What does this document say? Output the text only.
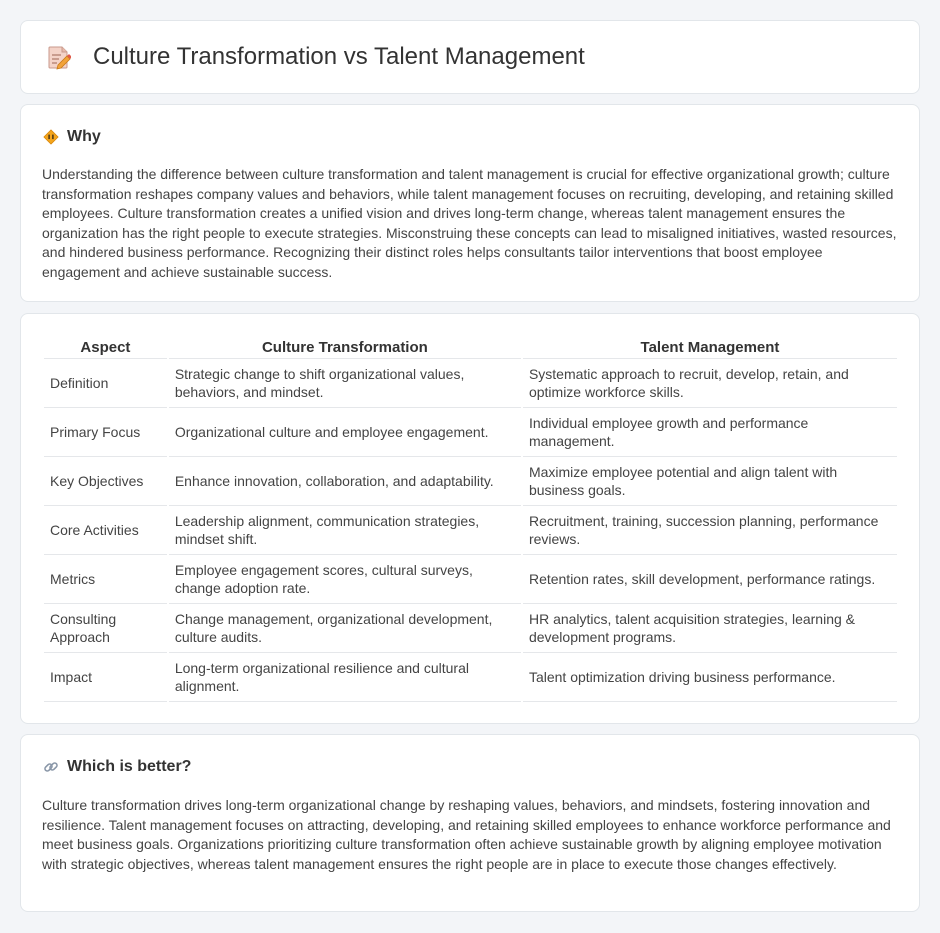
Culture Transformation vs Talent Management
Why

Understanding the difference between culture transformation and talent management is crucial for effective organizational growth; culture transformation reshapes company values and behaviors, while talent management focuses on recruiting, developing, and retaining skilled employees. Culture transformation creates a unified vision and drives long-term change, whereas talent management ensures the organization has the right people to execute strategies. Misconstruing these concepts can lead to misaligned initiatives, wasted resources, and hindered business performance. Recognizing their distinct roles helps consultants tailor interventions that boost employee engagement and achieve sustainable success.

Aspect	Culture Transformation	Talent Management
Definition	Strategic change to shift organizational values, behaviors, and mindset.	Systematic approach to recruit, develop, retain, and optimize workforce skills.
Primary Focus	Organizational culture and employee engagement.	Individual employee growth and performance management.
Key Objectives	Enhance innovation, collaboration, and adaptability.	Maximize employee potential and align talent with business goals.
Core Activities	Leadership alignment, communication strategies, mindset shift.	Recruitment, training, succession planning, performance reviews.
Metrics	Employee engagement scores, cultural surveys, change adoption rate.	Retention rates, skill development, performance ratings.
Consulting Approach	Change management, organizational development, culture audits.	HR analytics, talent acquisition strategies, learning & development programs.
Impact	Long-term organizational resilience and cultural alignment.	Talent optimization driving business performance.
Which is better?

Culture transformation drives long-term organizational change by reshaping values, behaviors, and mindsets, fostering innovation and resilience. Talent management focuses on attracting, developing, and retaining skilled employees to enhance workforce performance and meet business goals. Organizations prioritizing culture transformation often achieve sustainable growth by aligning employee motivation with strategic objectives, whereas talent management ensures the right people are in place to execute those changes effectively.
